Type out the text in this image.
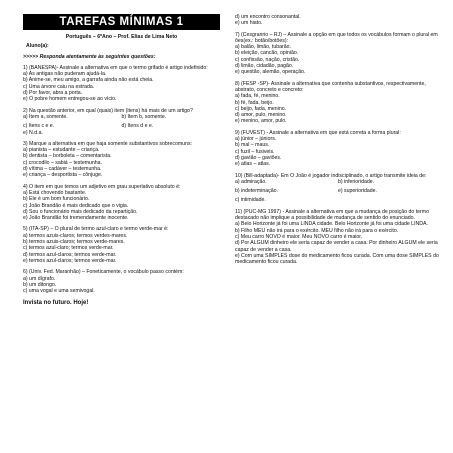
TAREFAS MÍNIMAS 1
Português – 6ºAno – Prof. Elias de Lima Neto
Aluno(a):
>>>>> Responda atentamente às seguintes questões:

1) (BANESPA)- Assinale a alternativa em que o termo grifado é artigo indefinido:

a) As antigas não puderam ajudá-la.

b) Anime-se, meu amigo, a garrafa ainda não está cheia.

c) Uma árvore caiu na estrada.

d) Por favor, abra a porta.

e) O pobre homem entregou-se ao vício.

2) Na questão anterior, em qual (quais) item (itens) há mais de um artigo?

a) Item a, somente.	b) Item b, somente.
c) Itens c e e.	d) Itens d e e.

e) N.d.a.

3) Marque a alternativa em que haja somente substantivos sobrecomuns:

a) pianista – estudante – criança.

b) dentista – borboleta – comentarista.

c) crocodilo – sabiá – testemunha.

d) vítima – cadáver – testemunha.

e) criança – desportista – cônjuge.

4) O item em que temos um adjetivo em grau superlativo absoluto é:

a) Está chovendo bastante.

b) Ele é um bom funcionário.

c) João Brandão é mais dedicado que o vigia.

d) Sou o funcionário mais dedicado da repartição.

e) João Brandão foi tremendamente inocente.

5) (ITA-SP) – O plural de termo azul-claro e termo verde-mar é:

a) termos azuis-claros; termos verdes-mares.

b) termos azuis-claros; termos verde-mares.

c) termos azul-claro; termos verde-mar.

d) termos azul-claros; termos verde-mar.

e) termos azul-claros; termos verde-mar.

6) (Univ. Fed. Maranhão) – Foneticamente, o vocábulo passo contém:

a) um dígrafo.

b) um ditongo.

c) uma vogal e uma semivogal.

Invista no futuro. Hoje!

d) um encontro consonantal.

e) um hiato.

7) (Cesgranrio – RJ) – Assinale a opção em que todos os vocábulos formam o plural em ões(ex.: botão/botões):

a) balão, limão, tubarão.

b) eleição, cancão, opinião.

c) confissão, nação, cristão.

d) limão, cidadão, pagão.

e) questão, alemão, operação.

8) (FESP -SP)- Assinale a alternativa que contenha substantivos, respectivamente, abstrato, concreto e concreto:

a) fada, fé, menino.

b) fé, fada, beijo.

c) beijo, fada, menino.

d) amor, pulo, menino.

e) menino, amor, pulo.

9) (FUVEST) - Assinale a alternativa em que está correta a forma plural:

a) júnior – júniors.

b) mal – maus.

c) fuzil – fusiveis.

d) gavião – gaviões.

e) atlas – atlas.

10) (Bill-adaptada)- Em O João é jogador indisciplinado, o artigo transmite ideia de:

a) admiração.	b) inferioridade.
b) indeterminação.	e) superioridade.

c) intimidade.

11) (PUC-MG 1997) - Assinale a alternativa em que a mudança de posição do termo destacado não implique a possibilidade de mudança de sentido do enunciado.

a) Belo Horizonte já foi uma LINDA cidade. Belo Horizonte já foi uma cidade LINDA.

b) Filho MEU não irá para o exército. MEU filho não irá para o exército.

c) Meu carro NOVO é maior. Meu NOVO carro é maior.

d) Por ALGUM dinheiro ele seria capaz de vender a casa. Por dinheiro ALGUM ele seria capaz de vender a casa.

e) Com uma SIMPLES dose do medicamento ficou curada. Com uma dose SIMPLES do medicamento ficou curada.
